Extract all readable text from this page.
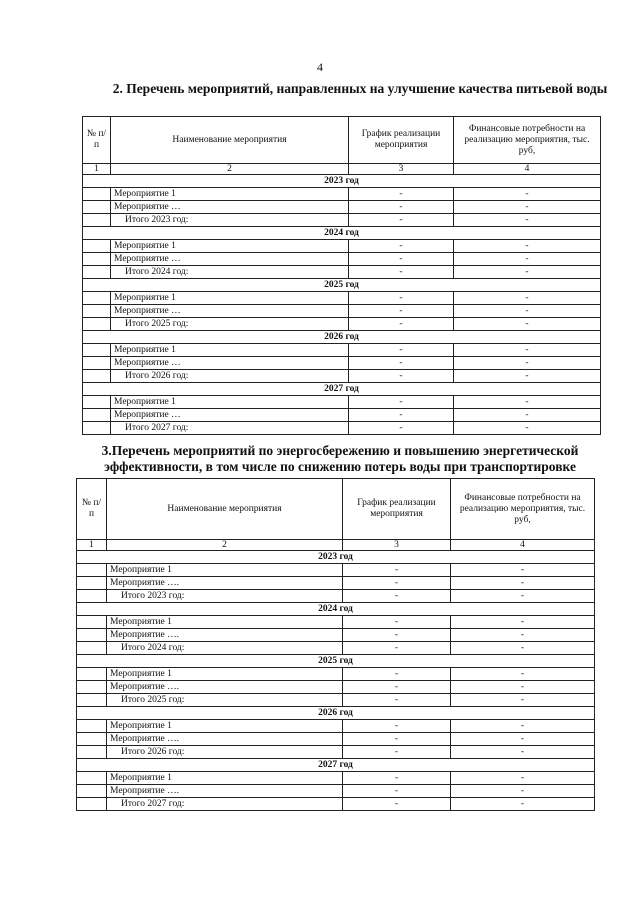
4
2. Перечень мероприятий, направленных на улучшение качества питьевой воды
№ п/п	Наименование мероприятия	График реализации мероприятия	Финансовые потребности на реализацию мероприятия, тыс. руб,
1	2	3	4
2023 год			
	Мероприятие 1	-	-
	Мероприятие …	-	-
	Итого 2023 год:	-	-
2024 год			
	Мероприятие 1	-	-
	Мероприятие …	-	-
	Итого 2024 год:	-	-
2025 год			
	Мероприятие 1	-	-
	Мероприятие …	-	-
	Итого 2025 год:	-	-
2026 год			
	Мероприятие 1	-	-
	Мероприятие …	-	-
	Итого 2026 год:	-	-
2027 год			
	Мероприятие 1	-	-
	Мероприятие …	-	-
	Итого 2027 год:	-	-
3.Перечень мероприятий по энергосбережению и повышению энергетической эффективности, в том числе по снижению потерь воды при транспортировке
№ п/п	Наименование мероприятия	График реализации мероприятия	Финансовые потребности на реализацию мероприятия, тыс. руб,
1	2	3	4
2023 год			
	Мероприятие 1	-	-
	Мероприятие ….	-	-
	Итого 2023 год:	-	-
2024 год			
	Мероприятие 1	-	-
	Мероприятие ….	-	-
	Итого 2024 год:	-	-
2025 год			
	Мероприятие 1	-	-
	Мероприятие ….	-	-
	Итого 2025 год:	-	-
2026 год			
	Мероприятие 1	-	-
	Мероприятие ….	-	-
	Итого 2026 год:	-	-
2027 год			
	Мероприятие 1	-	-
	Мероприятие ….	-	-
	Итого 2027 год:	-	-
